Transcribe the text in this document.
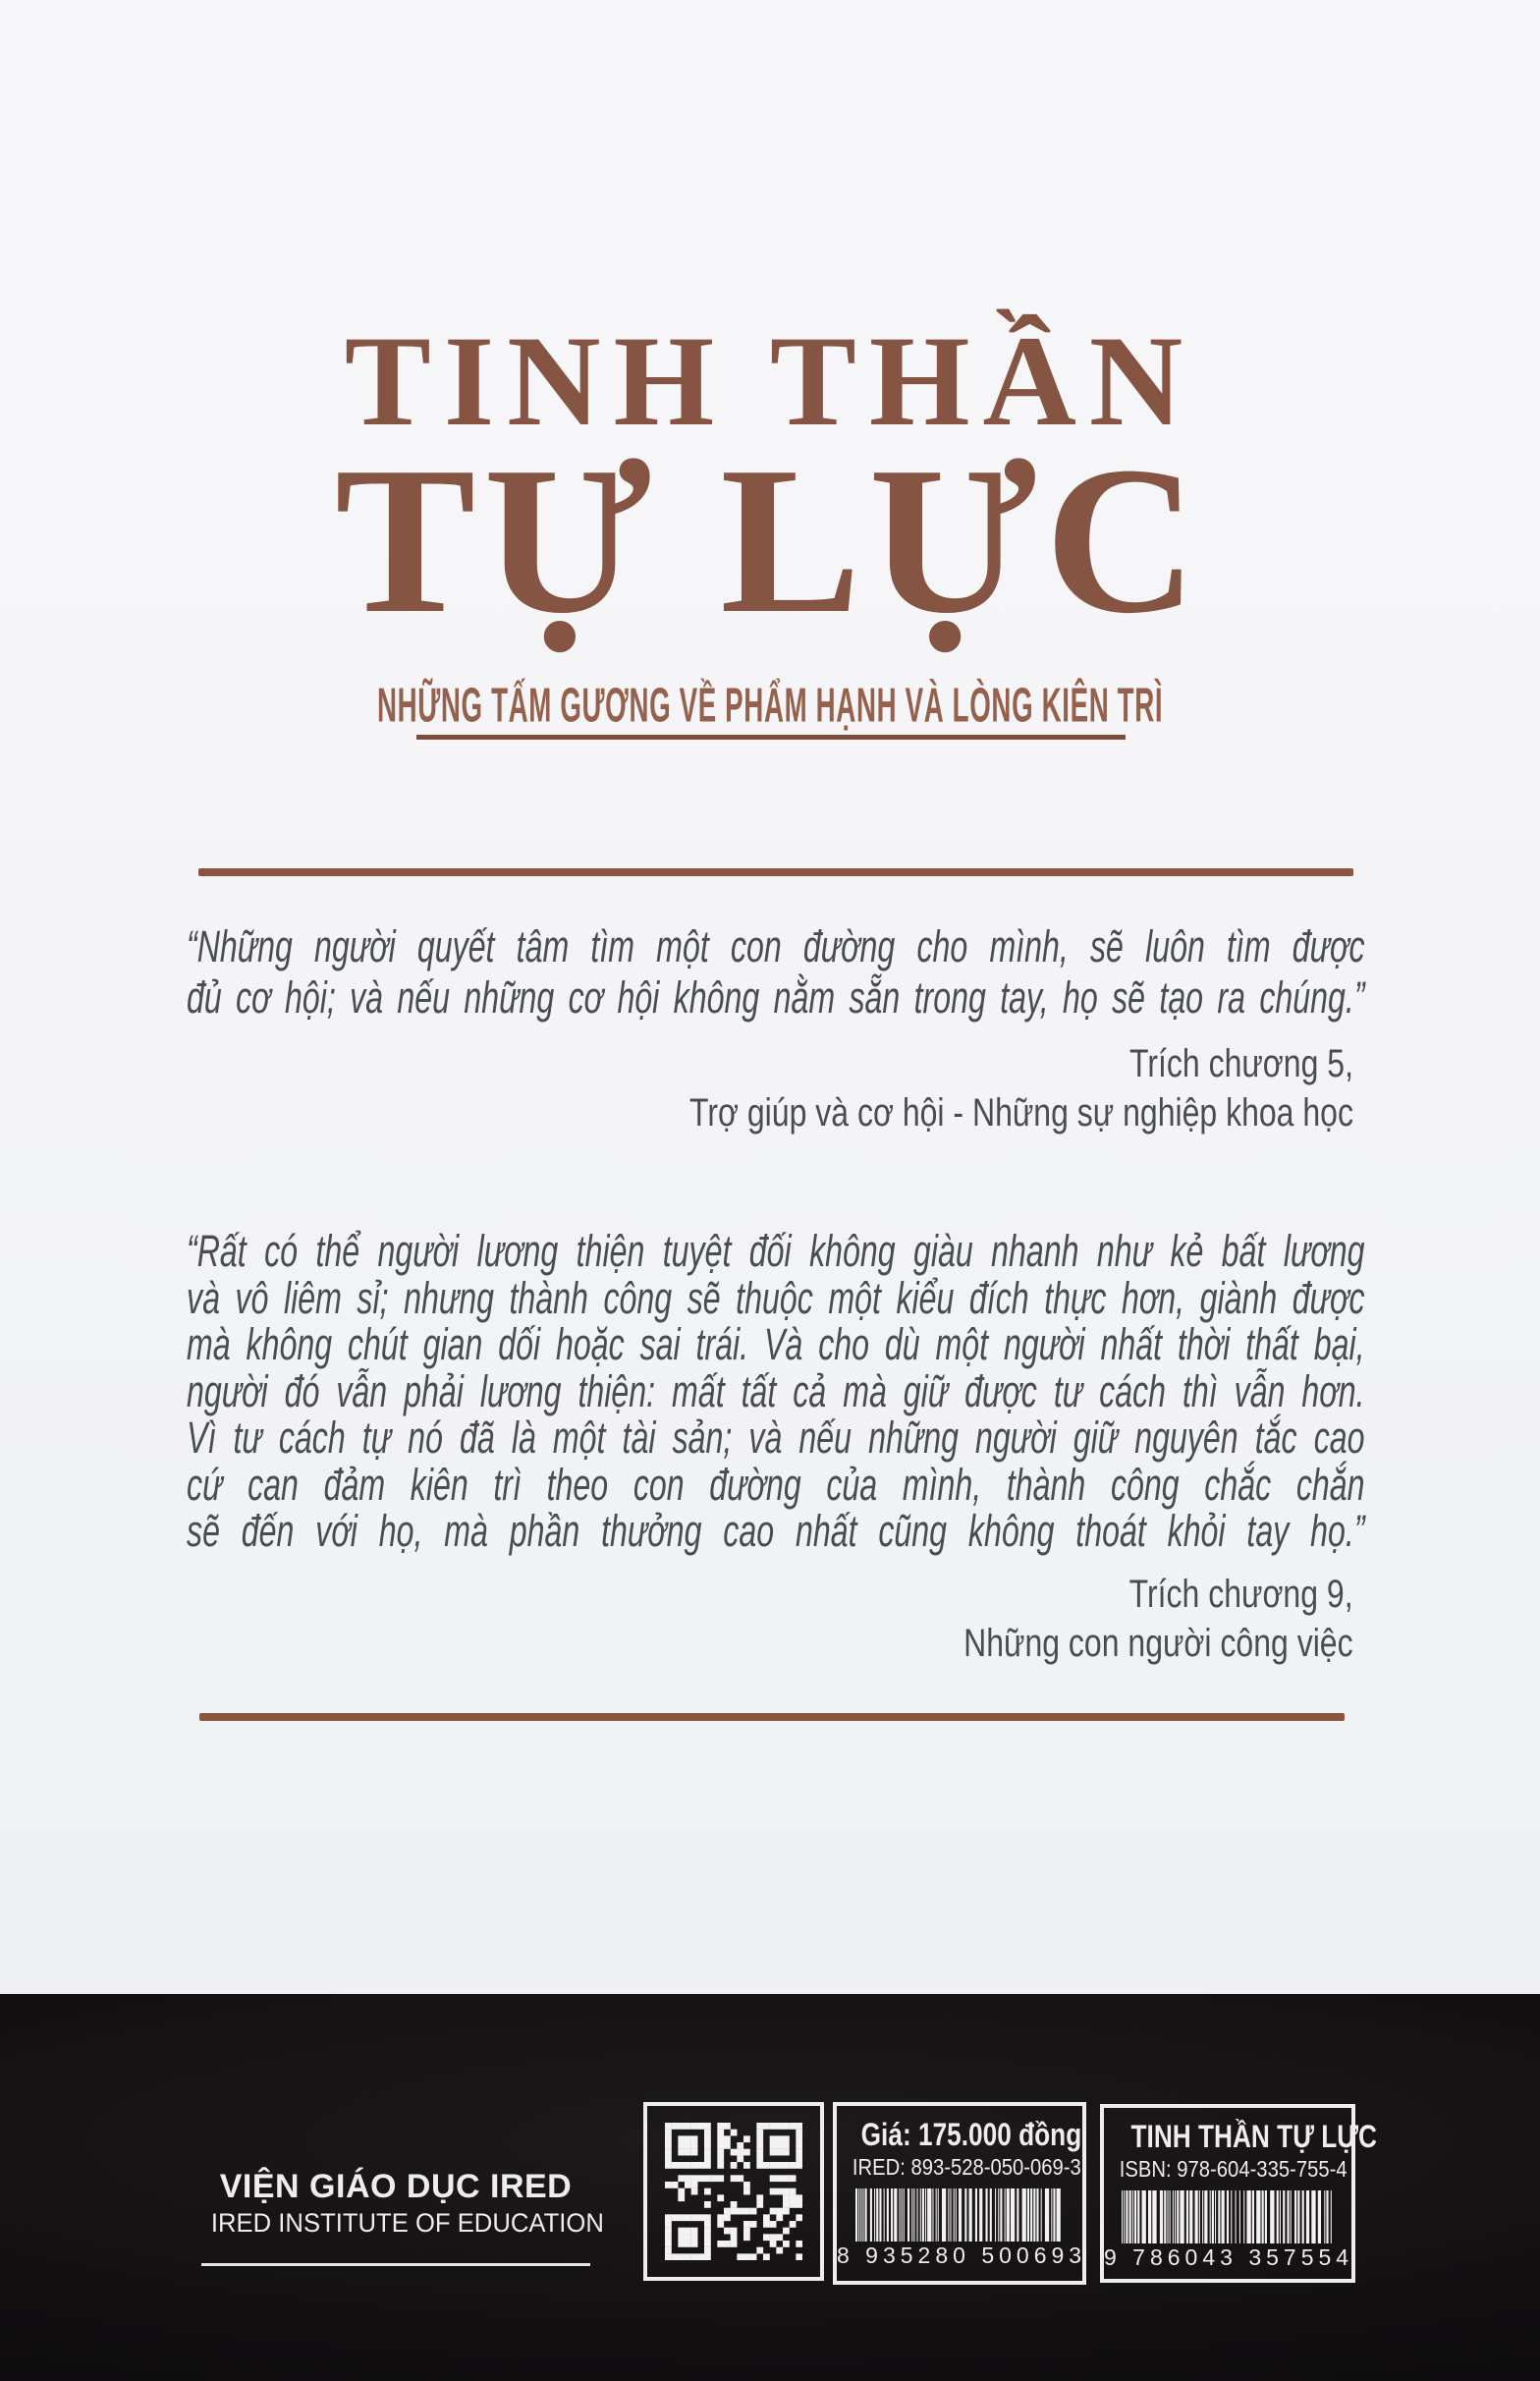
TINH THẦN
TỰ LỰC
NHỮNG TẤM GƯƠNG VỀ PHẨM HẠNH VÀ LÒNG KIÊN TRÌ
“Những người quyết tâm tìm một con đường cho mình, sẽ luôn tìm được
đủ cơ hội; và nếu những cơ hội không nằm sẵn trong tay, họ sẽ tạo ra chúng.”
Trích chương 5,
Trợ giúp và cơ hội - Những sự nghiệp khoa học
“Rất có thể người lương thiện tuyệt đối không giàu nhanh như kẻ bất lương
và vô liêm sỉ; nhưng thành công sẽ thuộc một kiểu đích thực hơn, giành được
mà không chút gian dối hoặc sai trái. Và cho dù một người nhất thời thất bại,
người đó vẫn phải lương thiện: mất tất cả mà giữ được tư cách thì vẫn hơn.
Vì tư cách tự nó đã là một tài sản; và nếu những người giữ nguyên tắc cao
cứ can đảm kiên trì theo con đường của mình, thành công chắc chắn
sẽ đến với họ, mà phần thưởng cao nhất cũng không thoát khỏi tay họ.”
Trích chương 9,
Những con người công việc
VIỆN GIÁO DỤC IRED
IRED INSTITUTE OF EDUCATION
Giá: 175.000 đồng
IRED: 893-528-050-069-3
8 935280 500693
TINH THẦN TỰ LỰC
ISBN: 978-604-335-755-4
9 786043 357554
